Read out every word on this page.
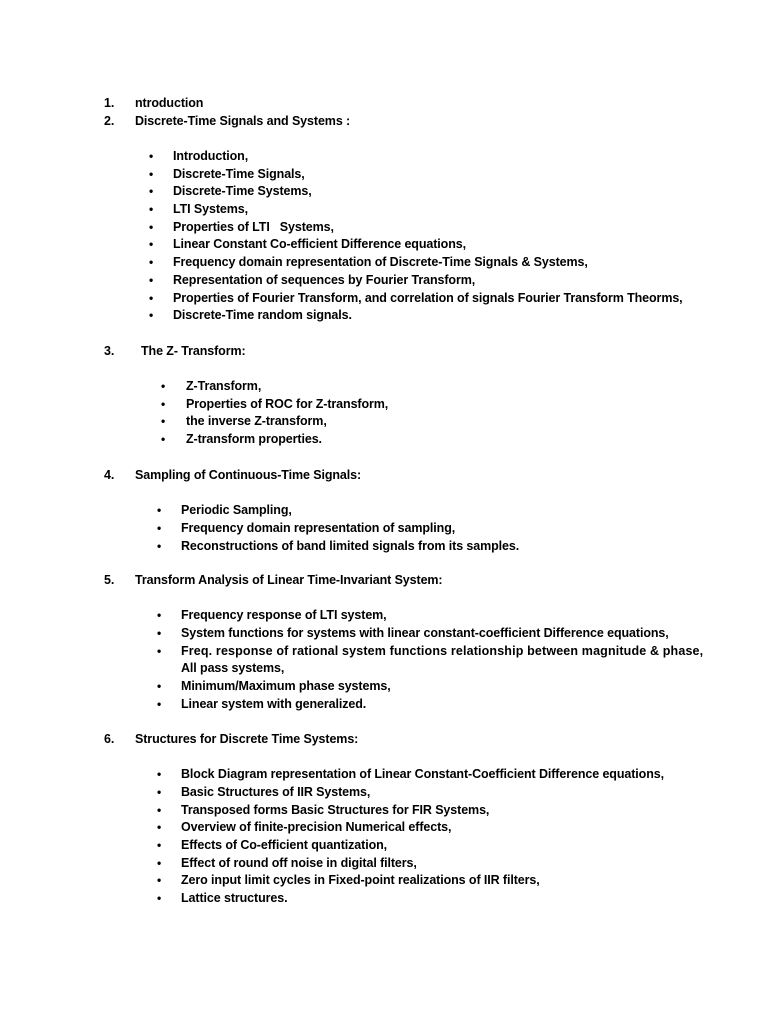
1. ntroduction
2. Discrete-Time Signals and Systems :
• Introduction,
• Discrete-Time Signals,
• Discrete-Time Systems,
• LTI Systems,
• Properties of LTI   Systems,
• Linear Constant Co-efficient Difference equations,
• Frequency domain representation of Discrete-Time Signals & Systems,
• Representation of sequences by Fourier Transform,
• Properties of Fourier Transform, and correlation of signals Fourier Transform Theorms,
• Discrete-Time random signals.
3. The Z- Transform:
• Z-Transform,
• Properties of ROC for Z-transform,
• the inverse Z-transform,
• Z-transform properties.
4. Sampling of Continuous-Time Signals:
• Periodic Sampling,
• Frequency domain representation of sampling,
• Reconstructions of band limited signals from its samples.
5. Transform Analysis of Linear Time-Invariant System:
• Frequency response of LTI system,
• System functions for systems with linear constant-coefficient Difference equations,
• Freq. response of rational system functions relationship between magnitude & phase,
All pass systems,
• Minimum/Maximum phase systems,
• Linear system with generalized.
6. Structures for Discrete Time Systems:
• Block Diagram representation of Linear Constant-Coefficient Difference equations,
• Basic Structures of IIR Systems,
• Transposed forms Basic Structures for FIR Systems,
• Overview of finite-precision Numerical effects,
• Effects of Co-efficient quantization,
• Effect of round off noise in digital filters,
• Zero input limit cycles in Fixed-point realizations of IIR filters,
• Lattice structures.
